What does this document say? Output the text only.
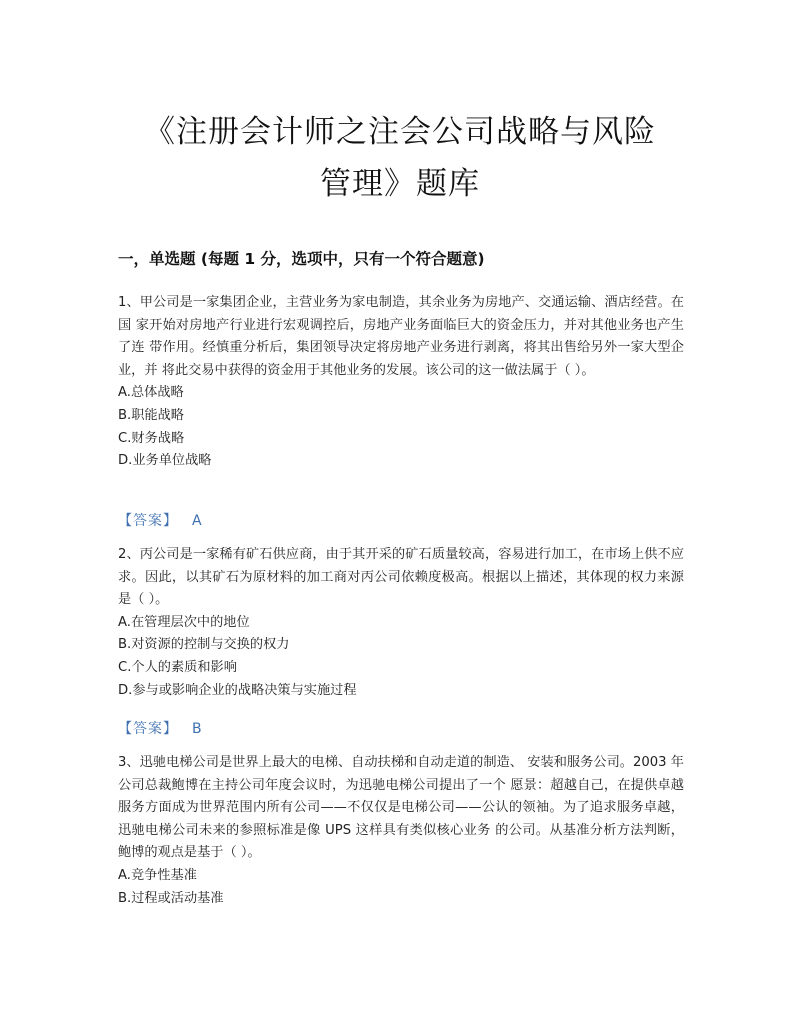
《注册会计师之注会公司战略与风险
管理》题库
一，单选题 (每题 1 分，选项中，只有一个符合题意)
1、甲公司是一家集团企业，主营业务为家电制造，其余业务为房地产、交通运输、酒店经营。在国 家开始对房地产行业进行宏观调控后，房地产业务面临巨大的资金压力，并对其他业务也产生了连 带作用。经慎重分析后，集团领导决定将房地产业务进行剥离，将其出售给另外一家大型企业，并 将此交易中获得的资金用于其他业务的发展。该公司的这一做法属于（ ）。
A.总体战略
B.职能战略
C.财务战略
D.业务单位战略
【答案】 A
2、丙公司是一家稀有矿石供应商，由于其开采的矿石质量较高，容易进行加工，在市场上供不应求。因此，以其矿石为原材料的加工商对丙公司依赖度极高。根据以上描述，其体现的权力来源是（ ）。
A.在管理层次中的地位
B.对资源的控制与交换的权力
C.个人的素质和影响
D.参与或影响企业的战略决策与实施过程
【答案】 B
3、迅驰电梯公司是世界上最大的电梯、自动扶梯和自动走道的制造、 安装和服务公司。2003 年公司总裁鲍博在主持公司年度会议时，为迅驰电梯公司提出了一个 愿景：超越自己，在提供卓越服务方面成为世界范围内所有公司——不仅仅是电梯公司——公认的领袖。为了追求服务卓越，迅驰电梯公司未来的参照标准是像 UPS 这样具有类似核心业务 的公司。从基准分析方法判断，鲍博的观点是基于（ ）。
A.竞争性基准
B.过程或活动基准
